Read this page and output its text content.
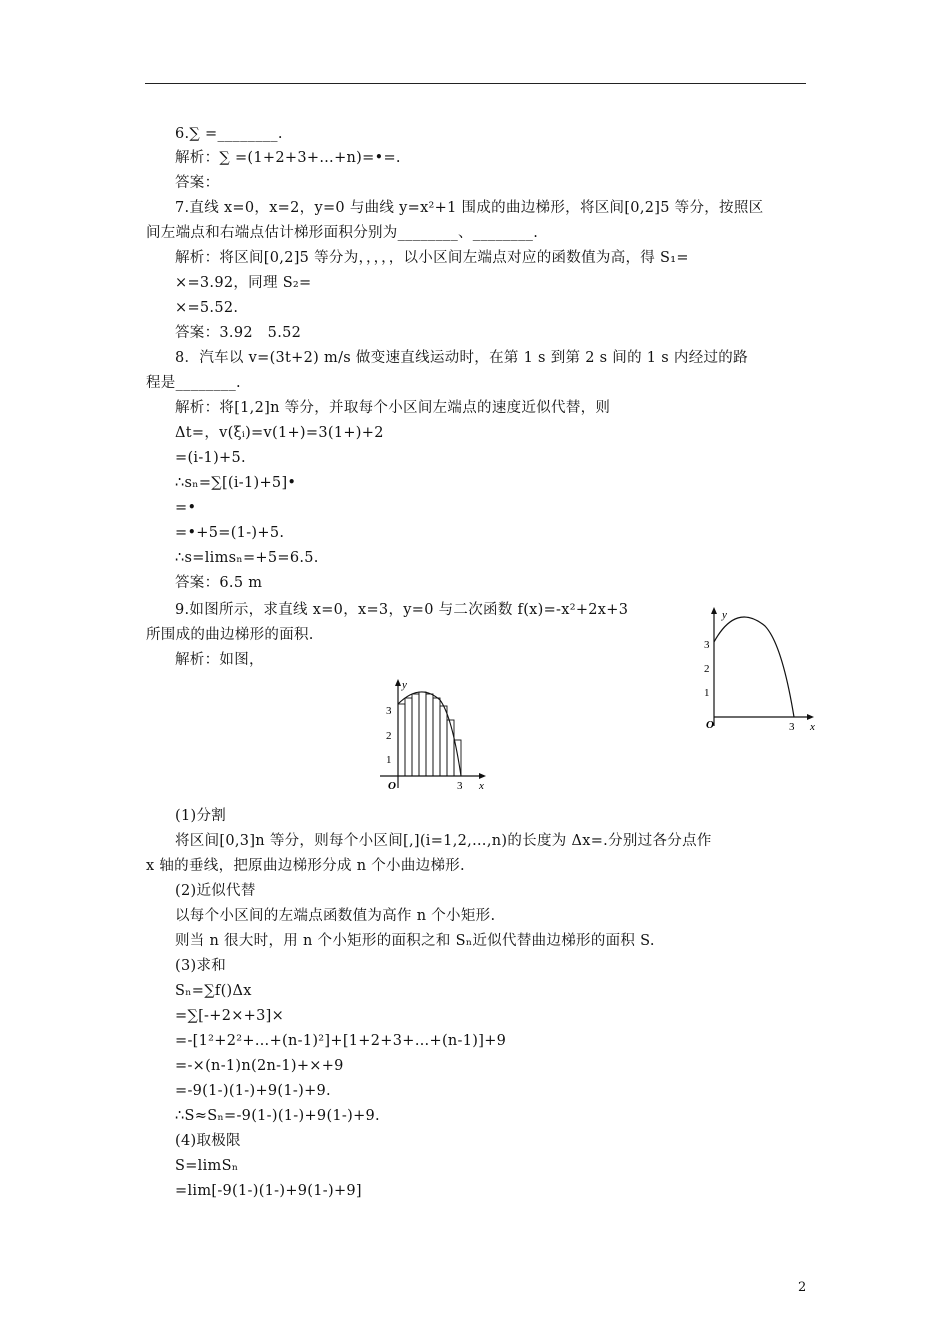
6.∑ =________.
解析：∑ =(1+2+3+…+n)=•=.
答案：
7.直线 x=0，x=2，y=0 与曲线 y=x²+1 围成的曲边梯形，将区间[0,2]5 等分，按照区
间左端点和右端点估计梯形面积分别为________、________.
解析：将区间[0,2]5 等分为，，，，，以小区间左端点对应的函数值为高，得 S₁=
×=3.92，同理 S₂=
×=5.52.
答案：3.92　5.52
8．汽车以 v=(3t+2) m/s 做变速直线运动时，在第 1 s 到第 2 s 间的 1 s 内经过的路
程是________.
解析：将[1,2]n 等分，并取每个小区间左端点的速度近似代替，则
Δt=，v(ξᵢ)=v(1+)=3(1+)+2
=(i-1)+5.
∴sₙ=∑[(i-1)+5]•
=•
=•+5=(1-)+5.
∴s=limsₙ=+5=6.5.
答案：6.5 m
9.如图所示，求直线 x=0，x=3，y=0 与二次函数 f(x)=-x²+2x+3
所围成的曲边梯形的面积.
解析：如图，
(1)分割
将区间[0,3]n 等分，则每个小区间[,](i=1,2,…,n)的长度为 Δx=.分别过各分点作
x 轴的垂线，把原曲边梯形分成 n 个小曲边梯形.
(2)近似代替
以每个小区间的左端点函数值为高作 n 个小矩形.
则当 n 很大时，用 n 个小矩形的面积之和 Sₙ近似代替曲边梯形的面积 S.
(3)求和
Sₙ=∑f()Δx
=∑[-+2×+3]×
=-[1²+2²+…+(n-1)²]+[1+2+3+…+(n-1)]+9
=-×(n-1)n(2n-1)+×+9
=-9(1-)(1-)+9(1-)+9.
∴S≈Sₙ=-9(1-)(1-)+9(1-)+9.
(4)取极限
S=limSₙ
=lim[-9(1-)(1-)+9(1-)+9]
y
x
O
3
2
1
3
y
x
O
3
2
1
3
2
